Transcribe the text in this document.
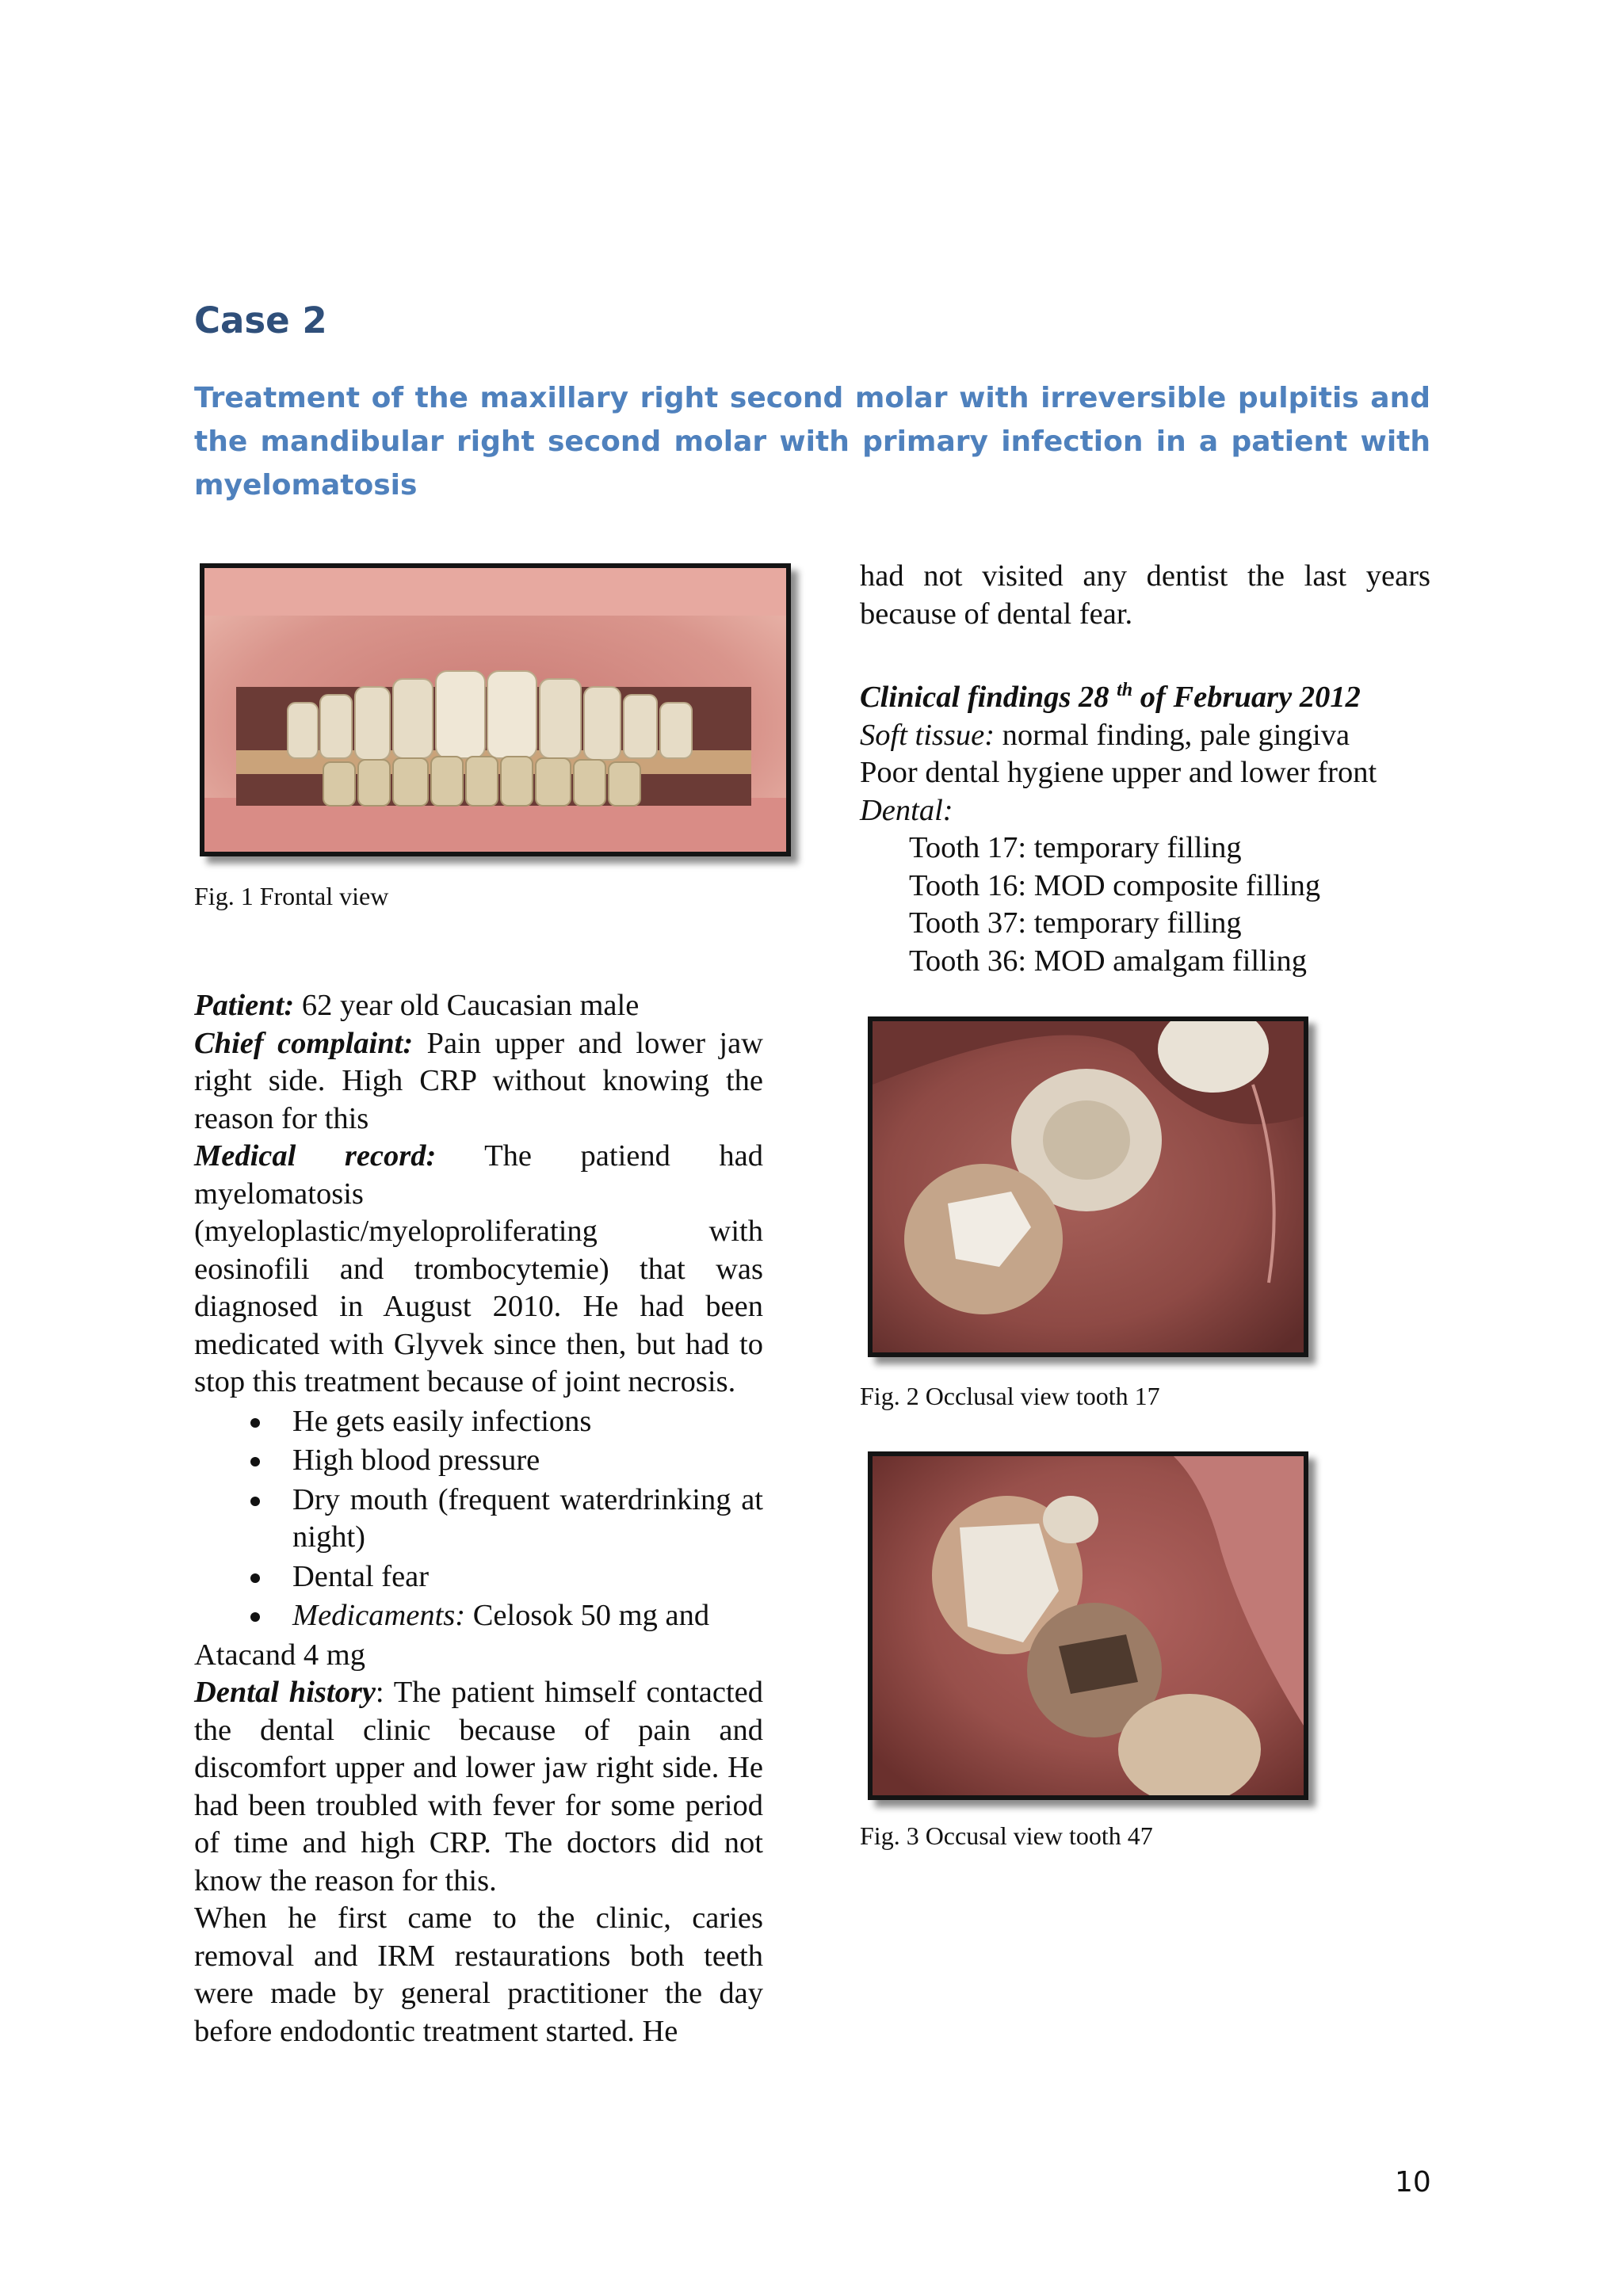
Case 2
Treatment of the maxillary right second molar with irreversible pulpitis and the mandibular right second molar with primary infection in a patient with myelomatosis

Fig. 1 Frontal view

Patient: 62 year old Caucasian male

Chief complaint: Pain upper and lower jaw right side. High CRP without knowing the reason for this

Medical record: The patiend had myelomatosis (myeloplastic/myeloproliferating with eosinofili and trombocytemie) that was diagnosed in August 2010. He had been medicated with Glyvek since then, but had to stop this treatment because of joint necrosis.

He gets easily infections
High blood pressure
Dry mouth (frequent waterdrinking at night)
Dental fear
Medicaments: Celosok 50 mg and

Atacand 4 mg

Dental history: The patient himself contacted the dental clinic because of pain and discomfort upper and lower jaw right side. He had been troubled with fever for some period of time and high CRP. The doctors did not know the reason for this.

When he first came to the clinic, caries removal and IRM restaurations both teeth were made by general practitioner the day before endodontic treatment started. He

had not visited any dentist the last years because of dental fear.

Clinical findings 28 $^{th}$ of February 2012

Soft tissue: normal finding, pale gingiva

Poor dental hygiene upper and lower front

Dental:

Tooth 17: temporary filling

Tooth 16: MOD composite filling

Tooth 37: temporary filling

Tooth 36: MOD amalgam filling

Fig. 2 Occlusal view tooth 17

Fig. 3 Occusal view tooth 47

10
